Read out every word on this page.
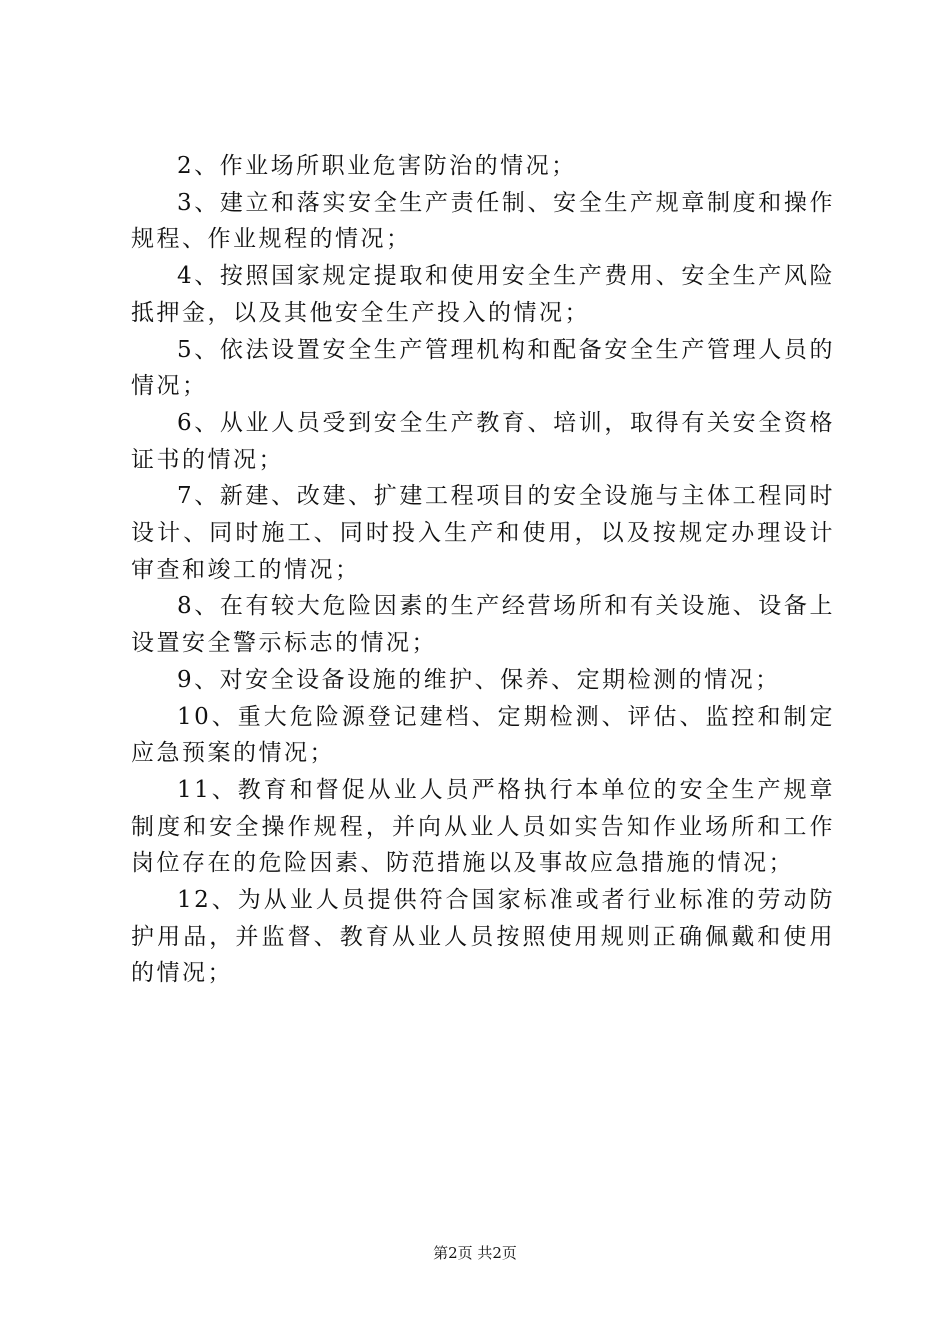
2、作业场所职业危害防治的情况；

3、建立和落实安全生产责任制、安全生产规章制度和操作规程、作业规程的情况；

4、按照国家规定提取和使用安全生产费用、安全生产风险抵押金，以及其他安全生产投入的情况；

5、依法设置安全生产管理机构和配备安全生产管理人员的情况；

6、从业人员受到安全生产教育、培训，取得有关安全资格证书的情况；

7、新建、改建、扩建工程项目的安全设施与主体工程同时设计、同时施工、同时投入生产和使用，以及按规定办理设计审查和竣工的情况；

8、在有较大危险因素的生产经营场所和有关设施、设备上设置安全警示标志的情况；

9、对安全设备设施的维护、保养、定期检测的情况；

10、重大危险源登记建档、定期检测、评估、监控和制定应急预案的情况；

11、教育和督促从业人员严格执行本单位的安全生产规章制度和安全操作规程，并向从业人员如实告知作业场所和工作岗位存在的危险因素、防范措施以及事故应急措施的情况；

12、为从业人员提供符合国家标准或者行业标准的劳动防护用品，并监督、教育从业人员按照使用规则正确佩戴和使用的情况；

第2页 共2页
